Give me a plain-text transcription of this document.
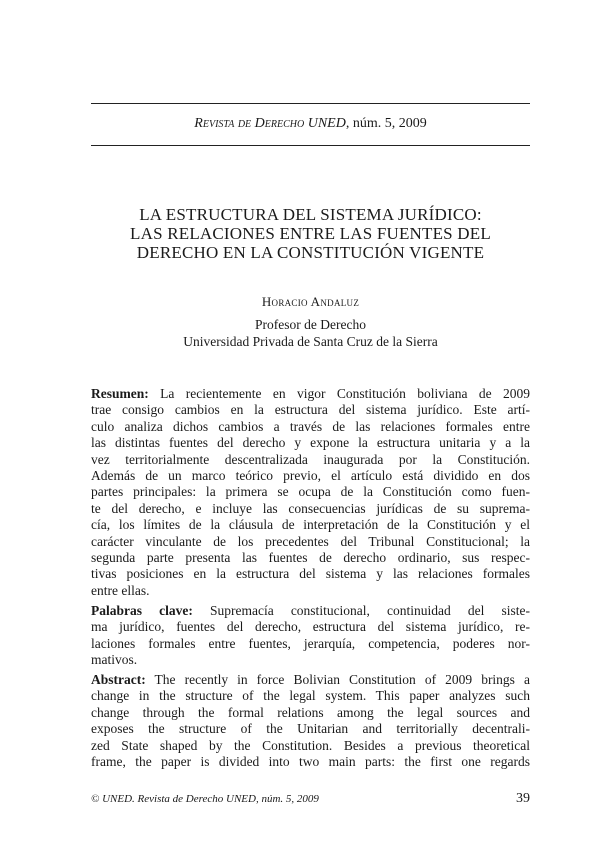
Revista de Derecho UNED, núm. 5, 2009
LA ESTRUCTURA DEL SISTEMA JURÍDICO:
LAS RELACIONES ENTRE LAS FUENTES DEL
DERECHO EN LA CONSTITUCIÓN VIGENTE
Horacio Andaluz
Profesor de Derecho
Universidad Privada de Santa Cruz de la Sierra
Resumen: La recientemente en vigor Constitución boliviana de 2009
trae consigo cambios en la estructura del sistema jurídico. Este artí-
culo analiza dichos cambios a través de las relaciones formales entre
las distintas fuentes del derecho y expone la estructura unitaria y a la
vez territorialmente descentralizada inaugurada por la Constitución.
Además de un marco teórico previo, el artículo está dividido en dos
partes principales: la primera se ocupa de la Constitución como fuen-
te del derecho, e incluye las consecuencias jurídicas de su suprema-
cía, los límites de la cláusula de interpretación de la Constitución y el
carácter vinculante de los precedentes del Tribunal Constitucional; la
segunda parte presenta las fuentes de derecho ordinario, sus respec-
tivas posiciones en la estructura del sistema y las relaciones formales
entre ellas.
Palabras clave: Supremacía constitucional, continuidad del siste-
ma jurídico, fuentes del derecho, estructura del sistema jurídico, re-
laciones formales entre fuentes, jerarquía, competencia, poderes nor-
mativos.
Abstract: The recently in force Bolivian Constitution of 2009 brings a
change in the structure of the legal system. This paper analyzes such
change through the formal relations among the legal sources and
exposes the structure of the Unitarian and territorially decentrali-
zed State shaped by the Constitution. Besides a previous theoretical
frame, the paper is divided into two main parts: the first one regards
© UNED. Revista de Derecho UNED, núm. 5, 2009	39
